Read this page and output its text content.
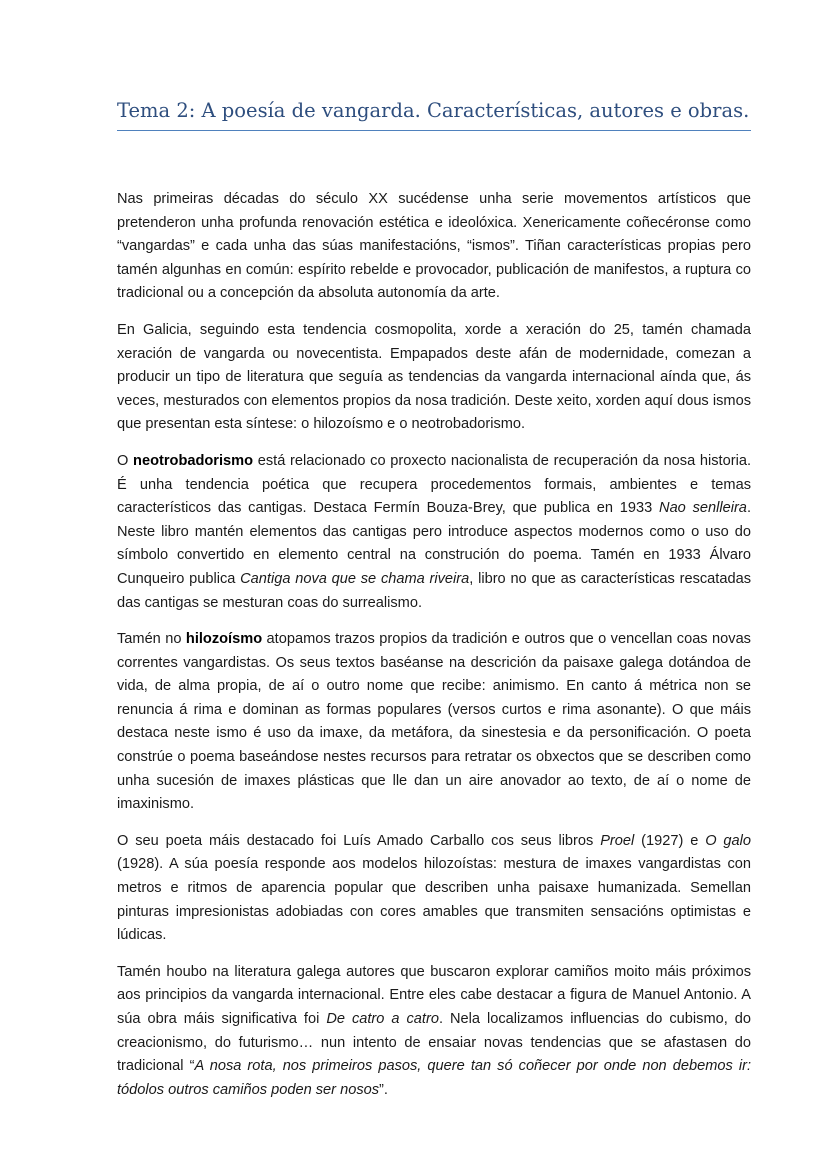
Tema 2: A poesía de vangarda. Características, autores e obras.

Nas primeiras décadas do século XX sucédense unha serie movementos artísticos que pretenderon unha profunda renovación estética e ideolóxica. Xenericamente coñecéronse como “vangardas” e cada unha das súas manifestacións, “ismos”. Tiñan características propias pero tamén algunhas en común: espírito rebelde e provocador, publicación de manifestos, a ruptura co tradicional ou a concepción da absoluta autonomía da arte.

En Galicia, seguindo esta tendencia cosmopolita, xorde a xeración do 25, tamén chamada xeración de vangarda ou novecentista. Empapados deste afán de modernidade, comezan a producir un tipo de literatura que seguía as tendencias da vangarda internacional aínda que, ás veces, mesturados con elementos propios da nosa tradición. Deste xeito, xorden aquí dous ismos que presentan esta síntese: o hilozoísmo e o neotrobadorismo.

O neotrobadorismo está relacionado co proxecto nacionalista de recuperación da nosa historia. É unha tendencia poética que recupera procedementos formais, ambientes e temas característicos das cantigas. Destaca Fermín Bouza-Brey, que publica en 1933 Nao senlleira. Neste libro mantén elementos das cantigas pero introduce aspectos modernos como o uso do símbolo convertido en elemento central na construción do poema. Tamén en 1933 Álvaro Cunqueiro publica Cantiga nova que se chama riveira, libro no que as características rescatadas das cantigas se mesturan coas do surrealismo.

Tamén no hilozoísmo atopamos trazos propios da tradición e outros que o vencellan coas novas correntes vangardistas. Os seus textos baséanse na descrición da paisaxe galega dotándoa de vida, de alma propia, de aí o outro nome que recibe: animismo. En canto á métrica non se renuncia á rima e dominan as formas populares (versos curtos e rima asonante). O que máis destaca neste ismo é uso da imaxe, da metáfora, da sinestesia e da personificación. O poeta constrúe o poema baseándose nestes recursos para retratar os obxectos que se describen como unha sucesión de imaxes plásticas que lle dan un aire anovador ao texto, de aí o nome de imaxinismo.

O seu poeta máis destacado foi Luís Amado Carballo cos seus libros Proel (1927) e O galo (1928). A súa poesía responde aos modelos hilozoístas: mestura de imaxes vangardistas con metros e ritmos de aparencia popular que describen unha paisaxe humanizada. Semellan pinturas impresionistas adobiadas con cores amables que transmiten sensacións optimistas e lúdicas.

Tamén houbo na literatura galega autores que buscaron explorar camiños moito máis próximos aos principios da vangarda internacional. Entre eles cabe destacar a figura de Manuel Antonio. A súa obra máis significativa foi De catro a catro. Nela localizamos influencias do cubismo, do creacionismo, do futurismo… nun intento de ensaiar novas tendencias que se afastasen do tradicional “A nosa rota, nos primeiros pasos, quere tan só coñecer por onde non debemos ir: tódolos outros camiños poden ser nosos”.
